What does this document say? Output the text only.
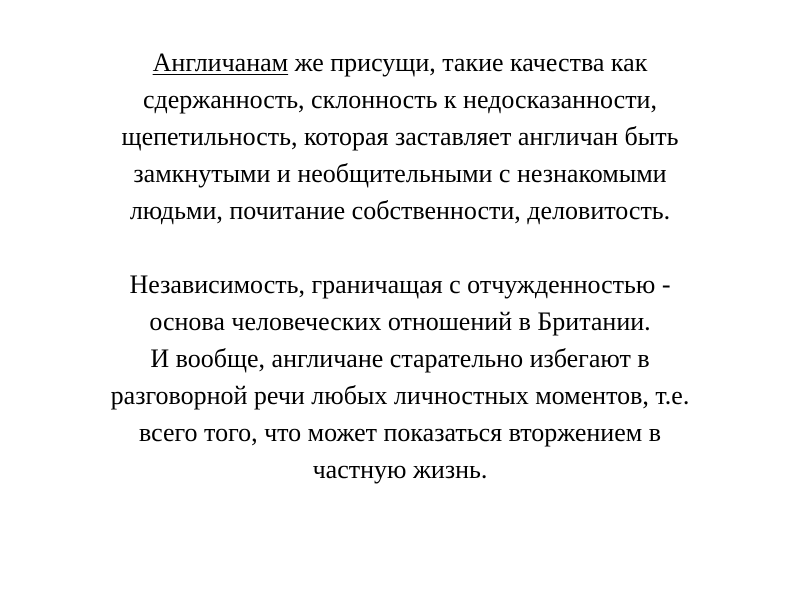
Англичанам же присущи, такие качества как
сдержанность, склонность к недосказанности,
щепетильность, которая заставляет англичан быть
замкнутыми и необщительными с незнакомыми
людьми, почитание собственности, деловитость.
Независимость, граничащая с отчужденностью -
основа человеческих отношений в Британии.
И вообще, англичане старательно избегают в
разговорной речи любых личностных моментов, т.е.
всего того, что может показаться вторжением в
частную жизнь.
